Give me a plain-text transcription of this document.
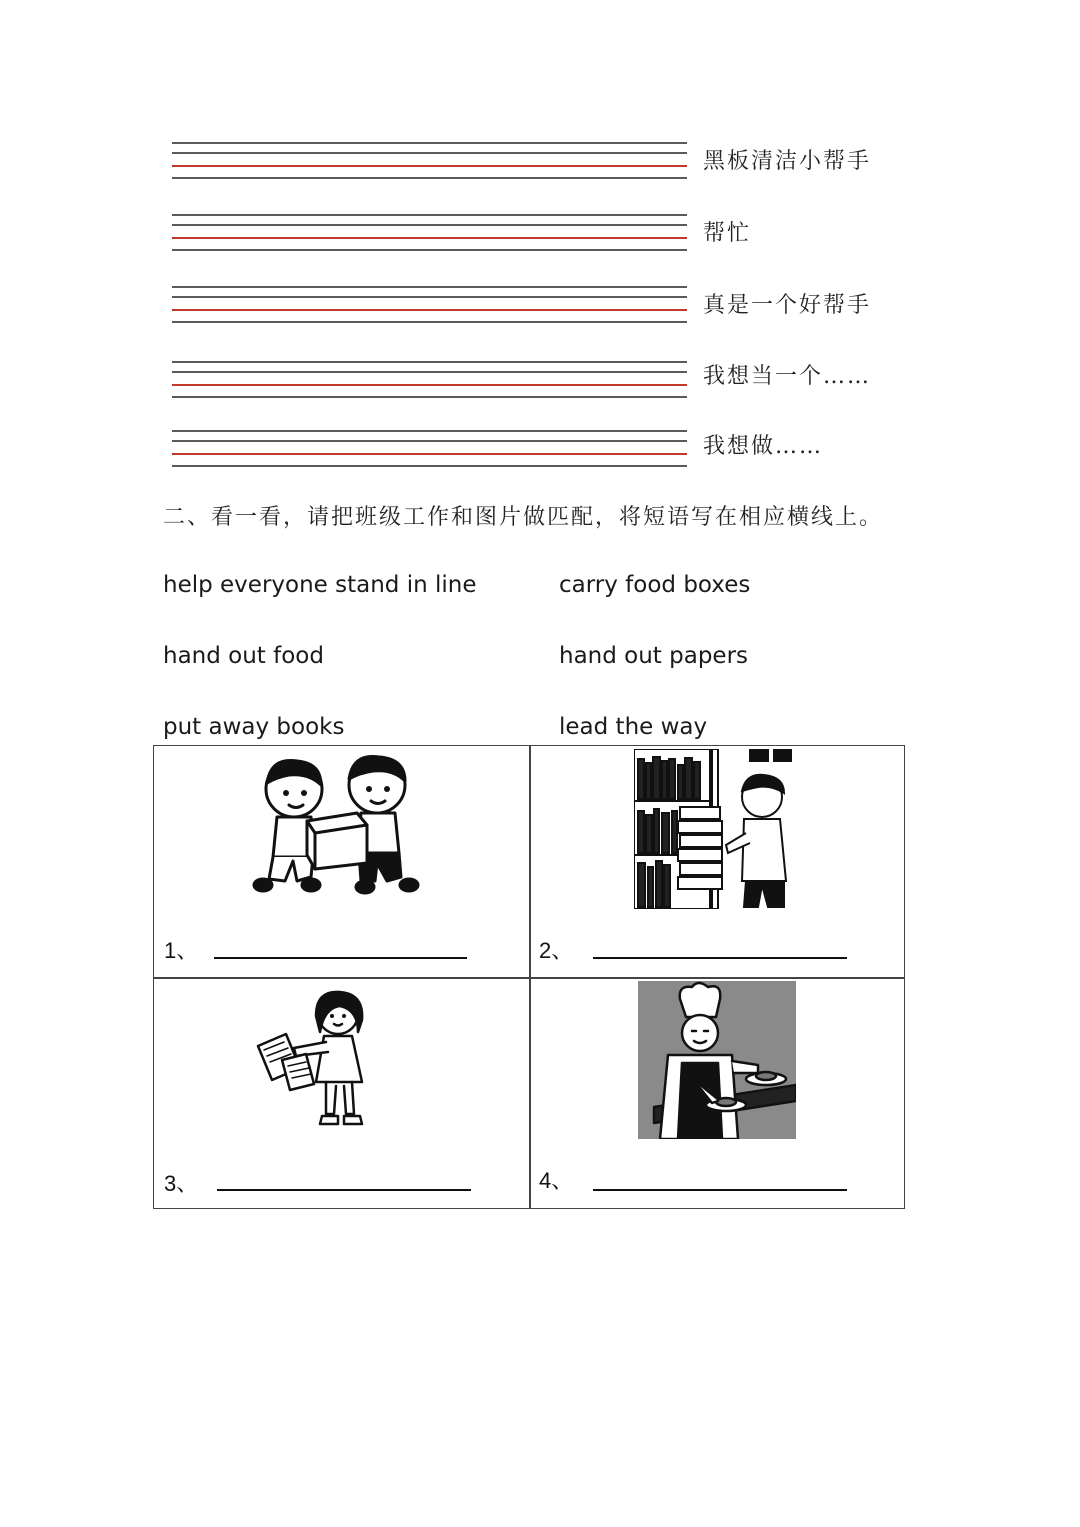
黑板清洁小帮手
帮忙
真是一个好帮手
我想当一个……
我想做……
二、看一看，请把班级工作和图片做匹配，将短语写在相应横线上。
help everyone stand in line	carry food boxes
hand out food	hand out papers
put away books	lead the way
1、	2、
3、	4、
